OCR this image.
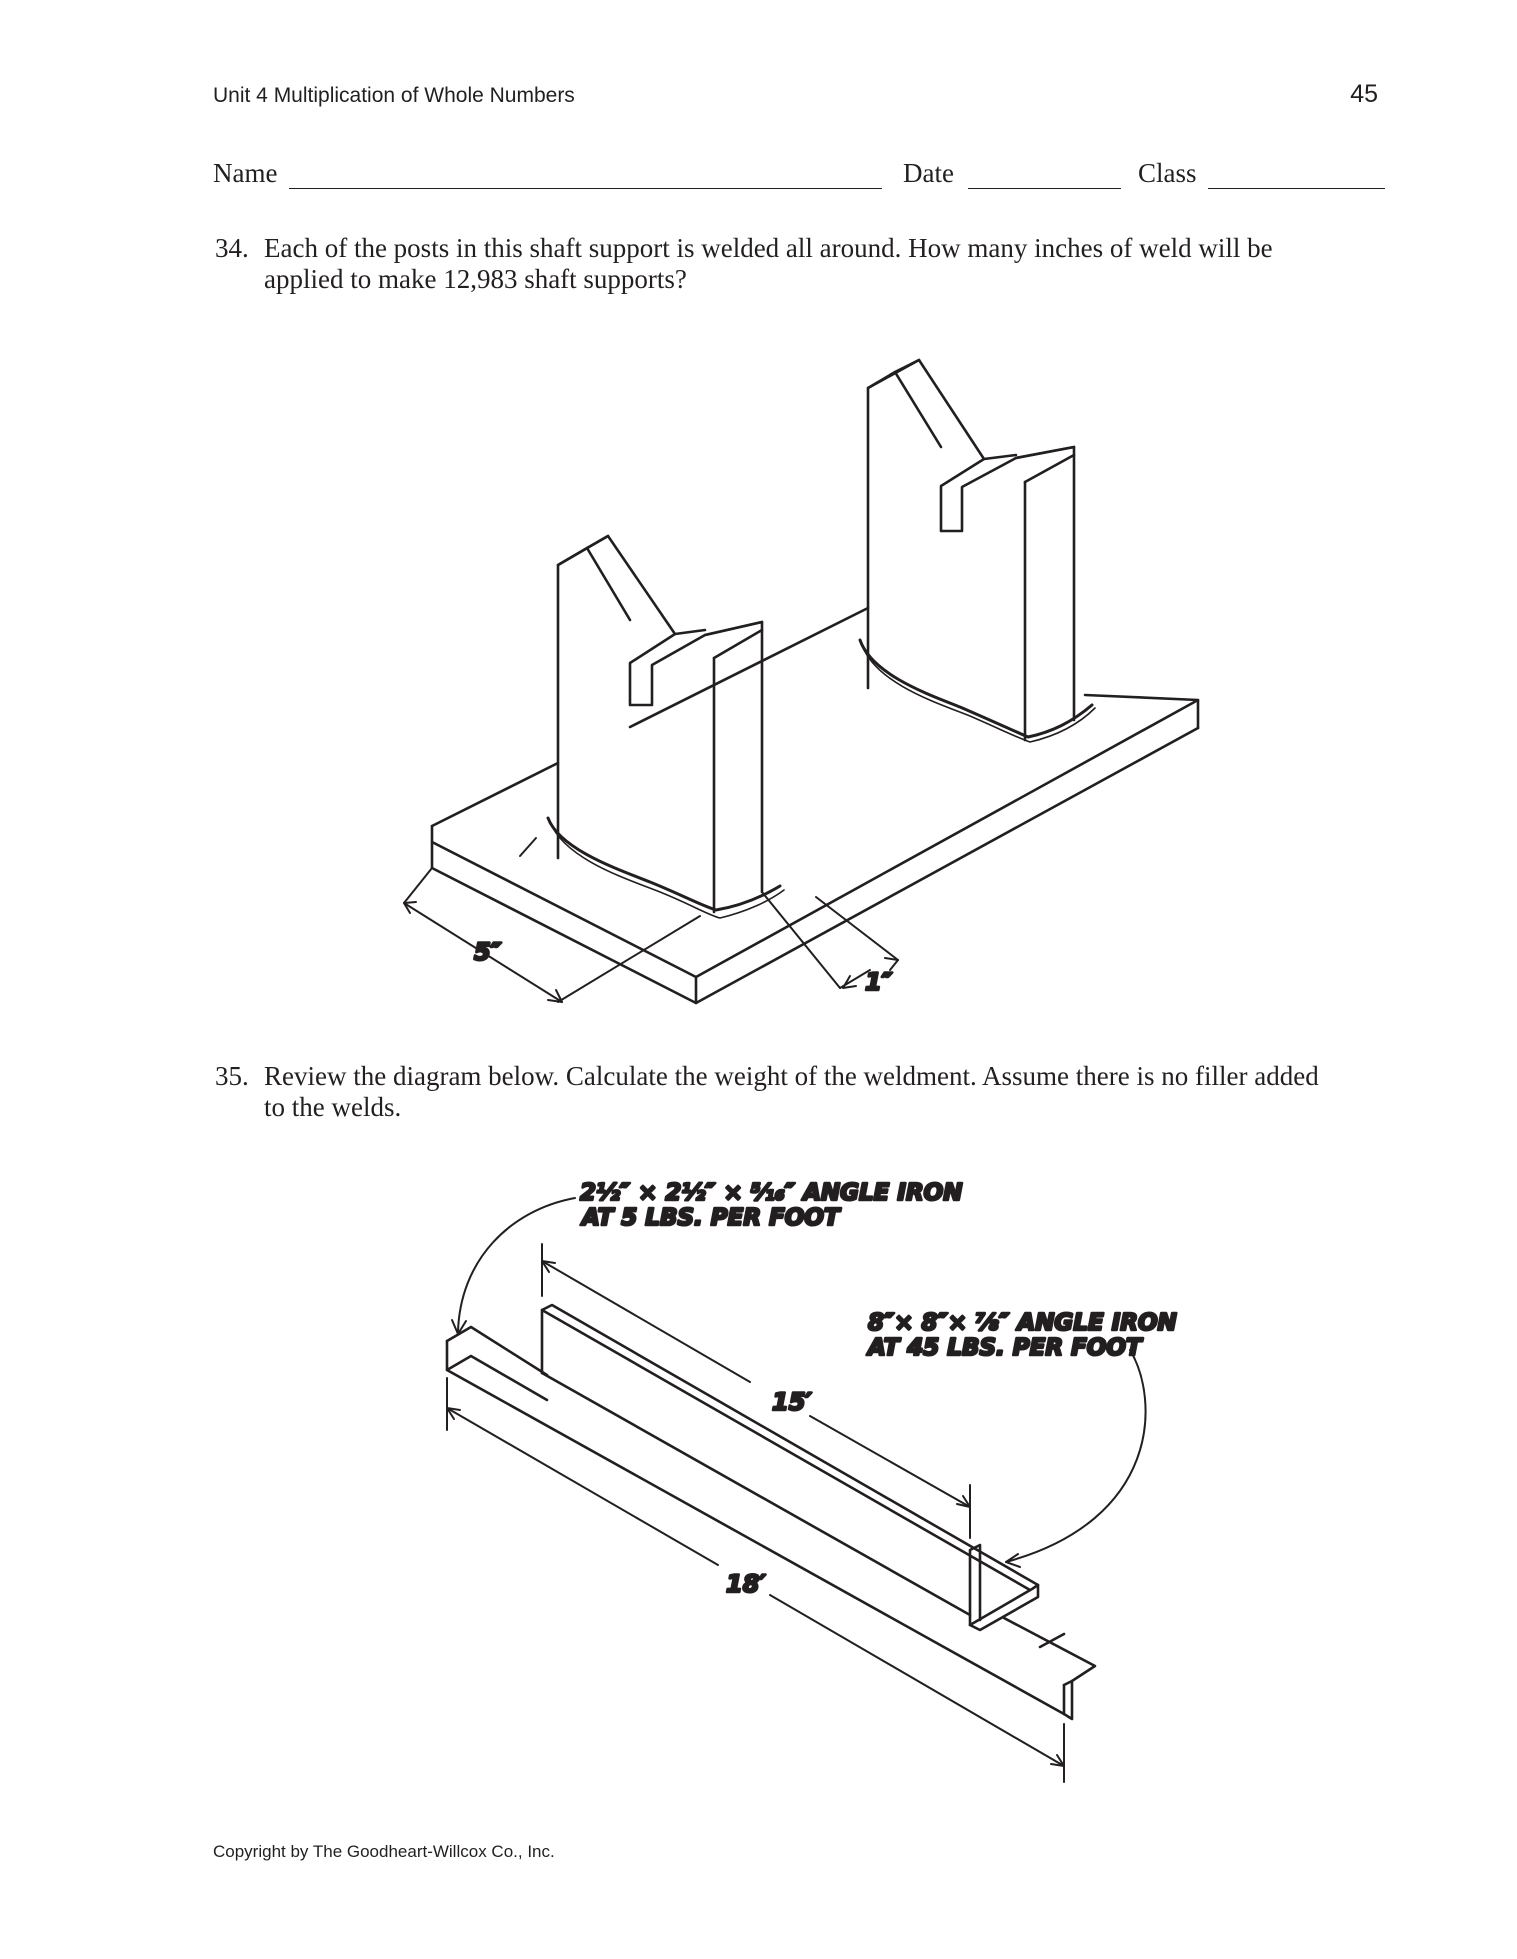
Unit 4 Multiplication of Whole Numbers	45
Name	Date	Class
34. Each of the posts in this shaft support is welded all around. How many inches of weld will be
applied to make 12,983 shaft supports?
5″
1″
35. Review the diagram below. Calculate the weight of the weldment. Assume there is no filler added
to the welds.
15′
18′
2½″ × 2½″ × ⁵⁄₁₆″ ANGLE IRON
AT 5 LBS. PER FOOT
8″× 8″× ⁷⁄₈″ ANGLE IRON
AT 45 LBS. PER FOOT
Copyright by The Goodheart-Willcox Co., Inc.
